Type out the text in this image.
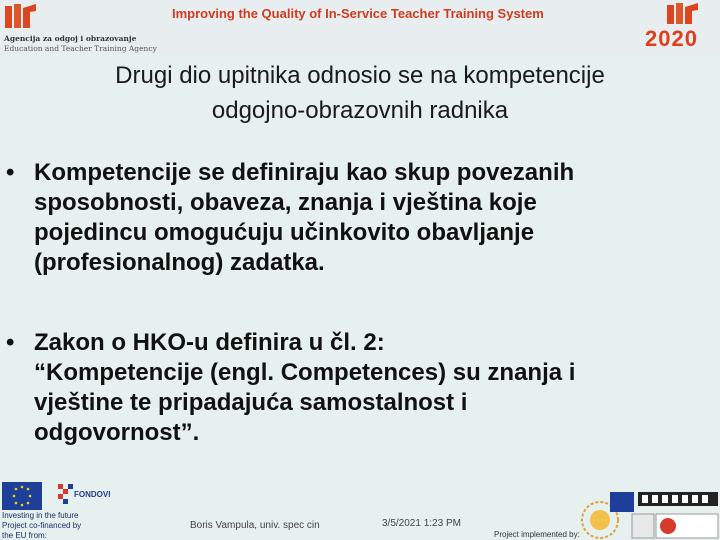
Agencija za odgoj i obrazovanje
Education and Teacher Training Agency
Improving the Quality of In-Service Teacher Training System
2020
Drugi dio upitnika odnosio se na kompetencije
odgojno-obrazovnih radnika
• Kompetencije se definiraju kao skup povezanih
sposobnosti, obaveza, znanja i vještina koje
pojedincu omogućuju učinkovito obavljanje
(profesionalnog) zadatka.
• Zakon o HKO-u definira u čl. 2:
“Kompetencije (engl. Competences) su znanja i
vještine te pripadajuća samostalnost i
odgovornost”.
FONDOVI
Investing in the future
Project co-financed by
the EU from:
Boris Vampula, univ. spec cin	3/5/2021 1:23 PM
Project implemented by:
